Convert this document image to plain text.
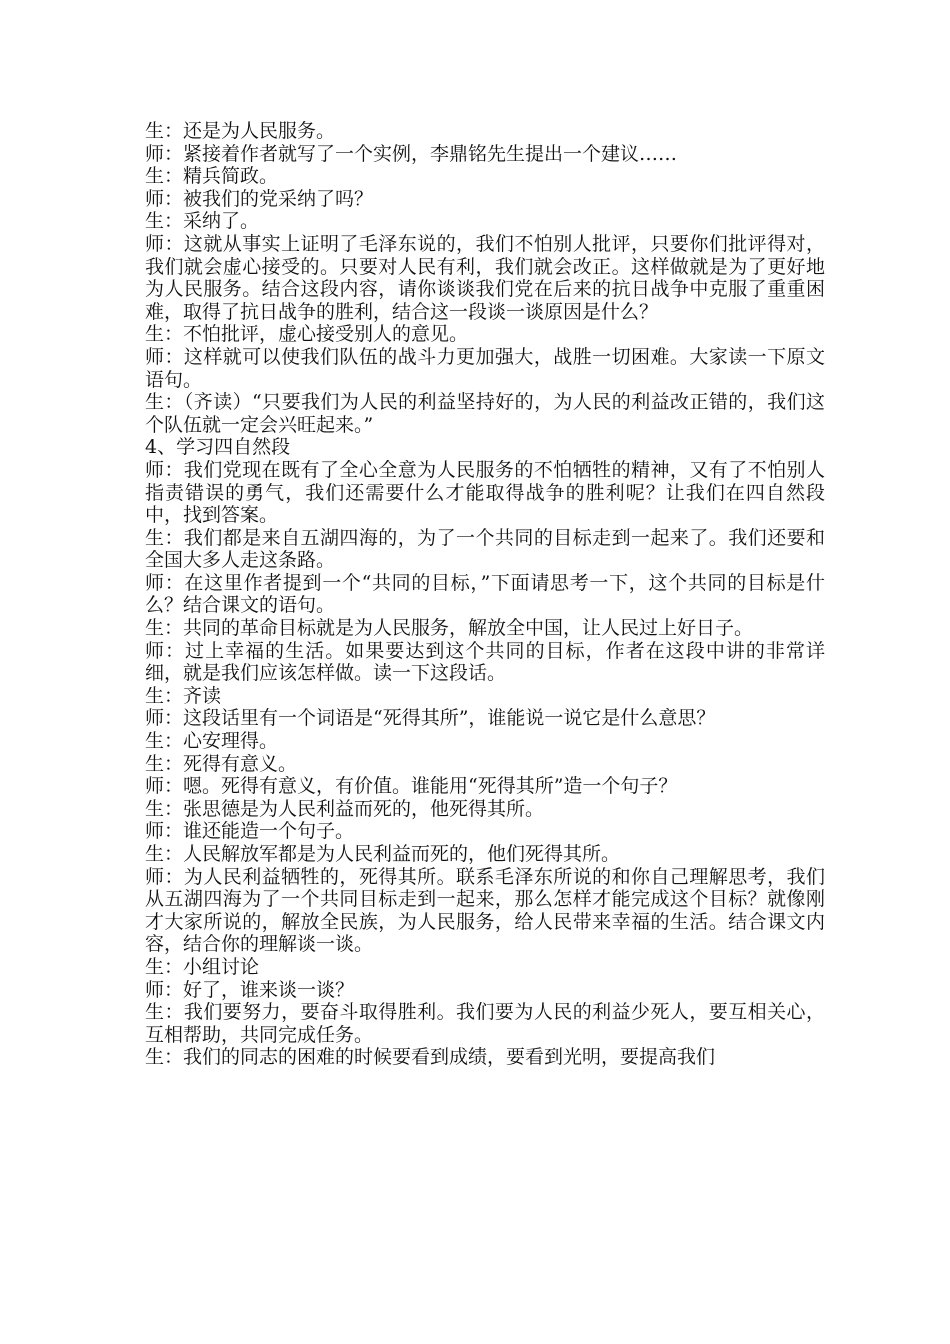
生：还是为人民服务。

师：紧接着作者就写了一个实例，李鼎铭先生提出一个建议……

生：精兵简政。

师：被我们的党采纳了吗？

生：采纳了。

师：这就从事实上证明了毛泽东说的，我们不怕别人批评，只要你们批评得对，我们就会虚心接受的。只要对人民有利，我们就会改正。这样做就是为了更好地为人民服务。结合这段内容，请你谈谈我们党在后来的抗日战争中克服了重重困难，取得了抗日战争的胜利，结合这一段谈一谈原因是什么？

生：不怕批评，虚心接受别人的意见。

师：这样就可以使我们队伍的战斗力更加强大，战胜一切困难。大家读一下原文语句。

生：（齐读）“只要我们为人民的利益坚持好的，为人民的利益改正错的，我们这个队伍就一定会兴旺起来。”

4、学习四自然段

师：我们党现在既有了全心全意为人民服务的不怕牺牲的精神，又有了不怕别人指责错误的勇气，我们还需要什么才能取得战争的胜利呢？让我们在四自然段中，找到答案。

生：我们都是来自五湖四海的，为了一个共同的目标走到一起来了。我们还要和全国大多人走这条路。

师：在这里作者提到一个“共同的目标，”下面请思考一下，这个共同的目标是什么？结合课文的语句。

生：共同的革命目标就是为人民服务，解放全中国，让人民过上好日子。

师：过上幸福的生活。如果要达到这个共同的目标，作者在这段中讲的非常详细，就是我们应该怎样做。读一下这段话。

生：齐读

师：这段话里有一个词语是“死得其所”，谁能说一说它是什么意思？

生：心安理得。

生：死得有意义。

师：嗯。死得有意义，有价值。谁能用“死得其所”造一个句子？

生：张思德是为人民利益而死的，他死得其所。

师：谁还能造一个句子。

生：人民解放军都是为人民利益而死的，他们死得其所。

师：为人民利益牺牲的，死得其所。联系毛泽东所说的和你自己理解思考，我们从五湖四海为了一个共同目标走到一起来，那么怎样才能完成这个目标？就像刚才大家所说的，解放全民族，为人民服务，给人民带来幸福的生活。结合课文内容，结合你的理解谈一谈。

生：小组讨论

师：好了，谁来谈一谈？

生：我们要努力，要奋斗取得胜利。我们要为人民的利益少死人，要互相关心，互相帮助，共同完成任务。

生：我们的同志的困难的时候要看到成绩，要看到光明，要提高我们
